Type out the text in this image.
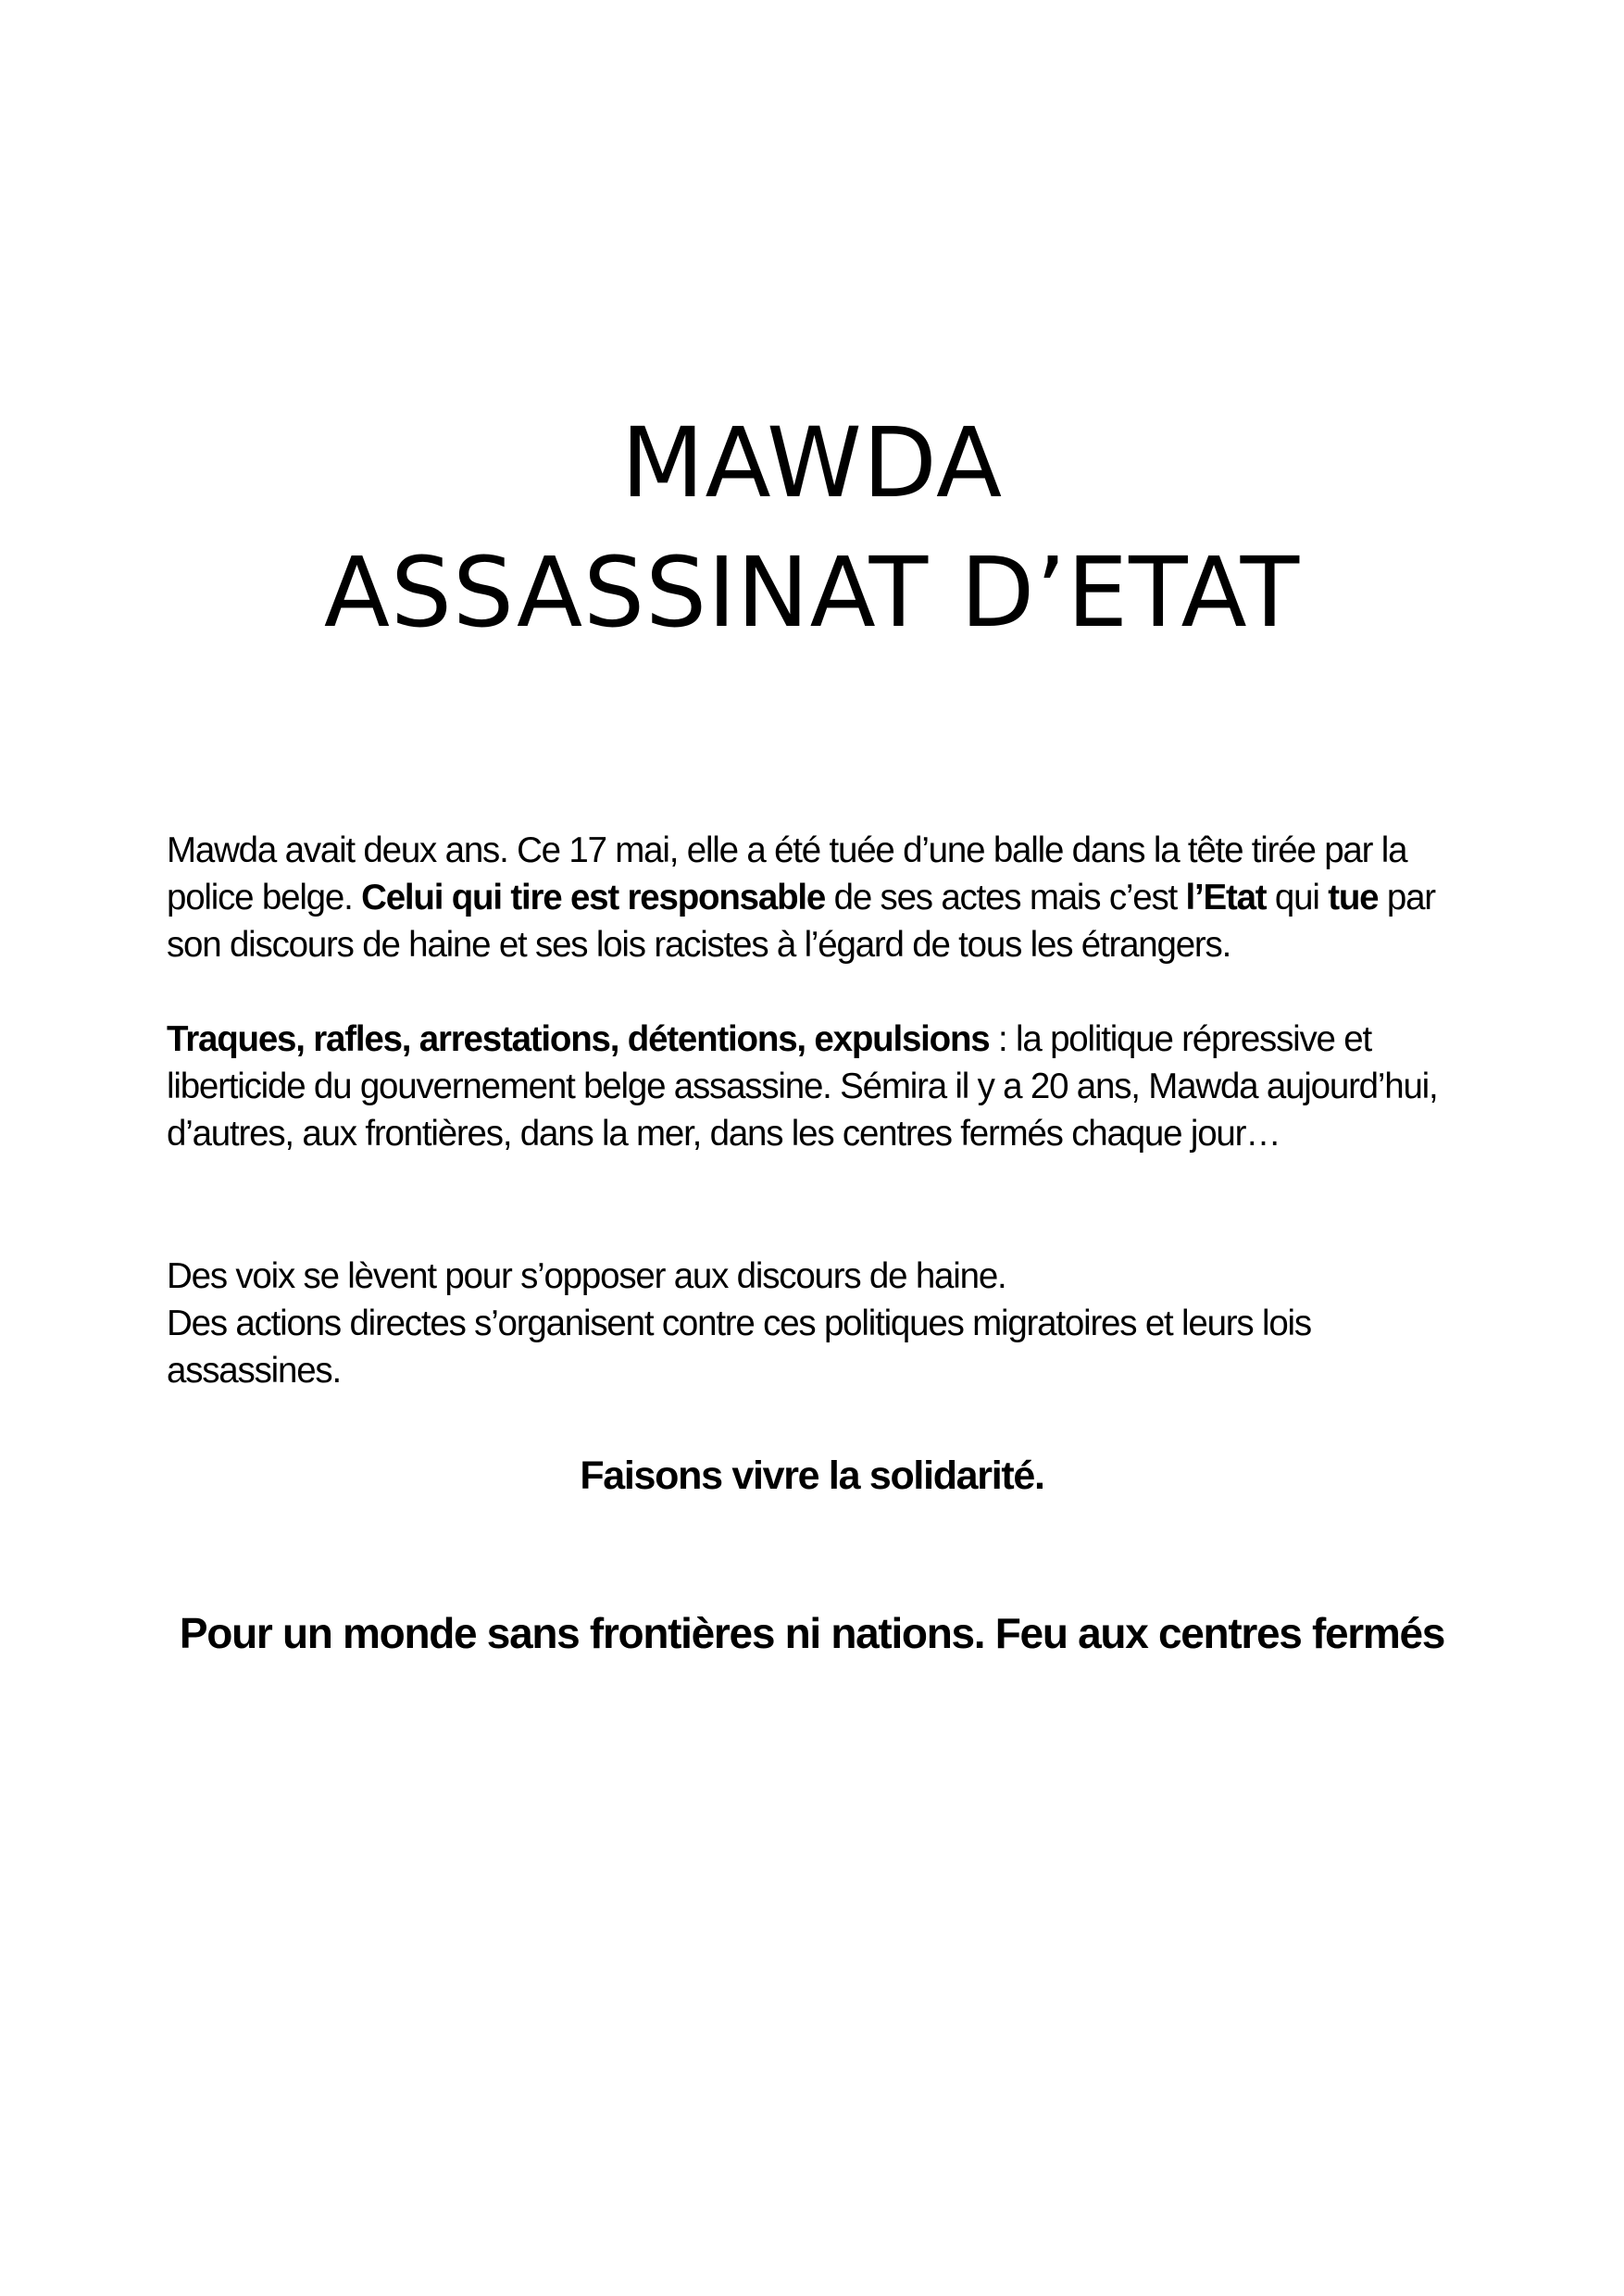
MAWDA
ASSASSINAT D’ETAT

Mawda avait deux ans. Ce 17 mai, elle a été tuée d’une balle dans la tête tirée par la police belge. Celui qui tire est responsable de ses actes mais c’est l’Etat qui tue par son discours de haine et ses lois racistes à l’égard de tous les étrangers.

Traques, rafles, arrestations, détentions, expulsions : la politique répressive et liberticide du gouvernement belge assassine. Sémira il y a 20 ans, Mawda aujourd’hui, d’autres, aux frontières, dans la mer, dans les centres fermés chaque jour…

Des voix se lèvent pour s’opposer aux discours de haine.

Des actions directes s’organisent contre ces politiques migratoires et leurs lois assassines.

Faisons vivre la solidarité.

Pour un monde sans frontières ni nations. Feu aux centres fermés
